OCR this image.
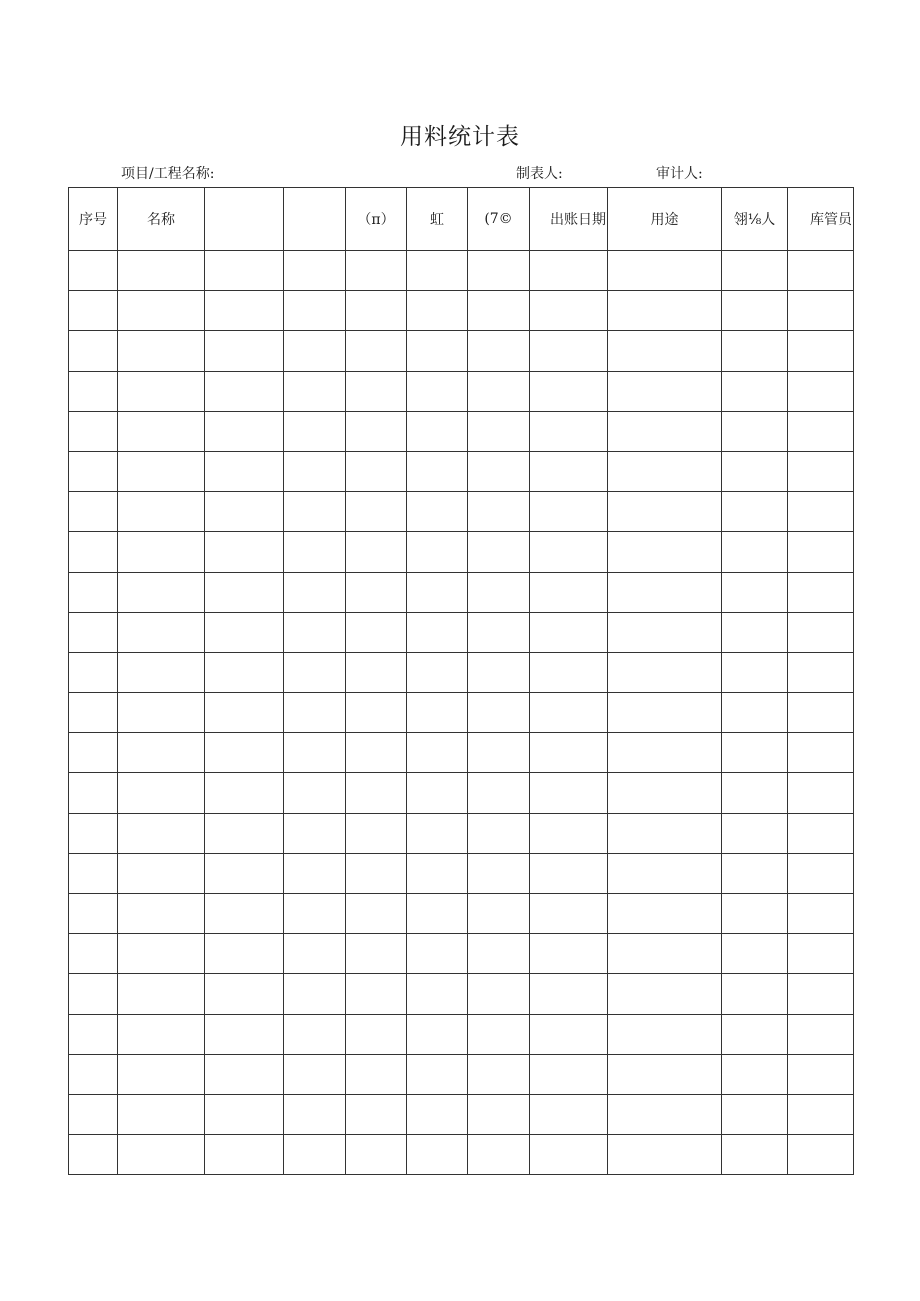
用料统计表
项目/工程名称:	制表人:	审计人:
序号	名称			（π）	虹	(7©	出账日期	用途	翎⅛人	库管员
